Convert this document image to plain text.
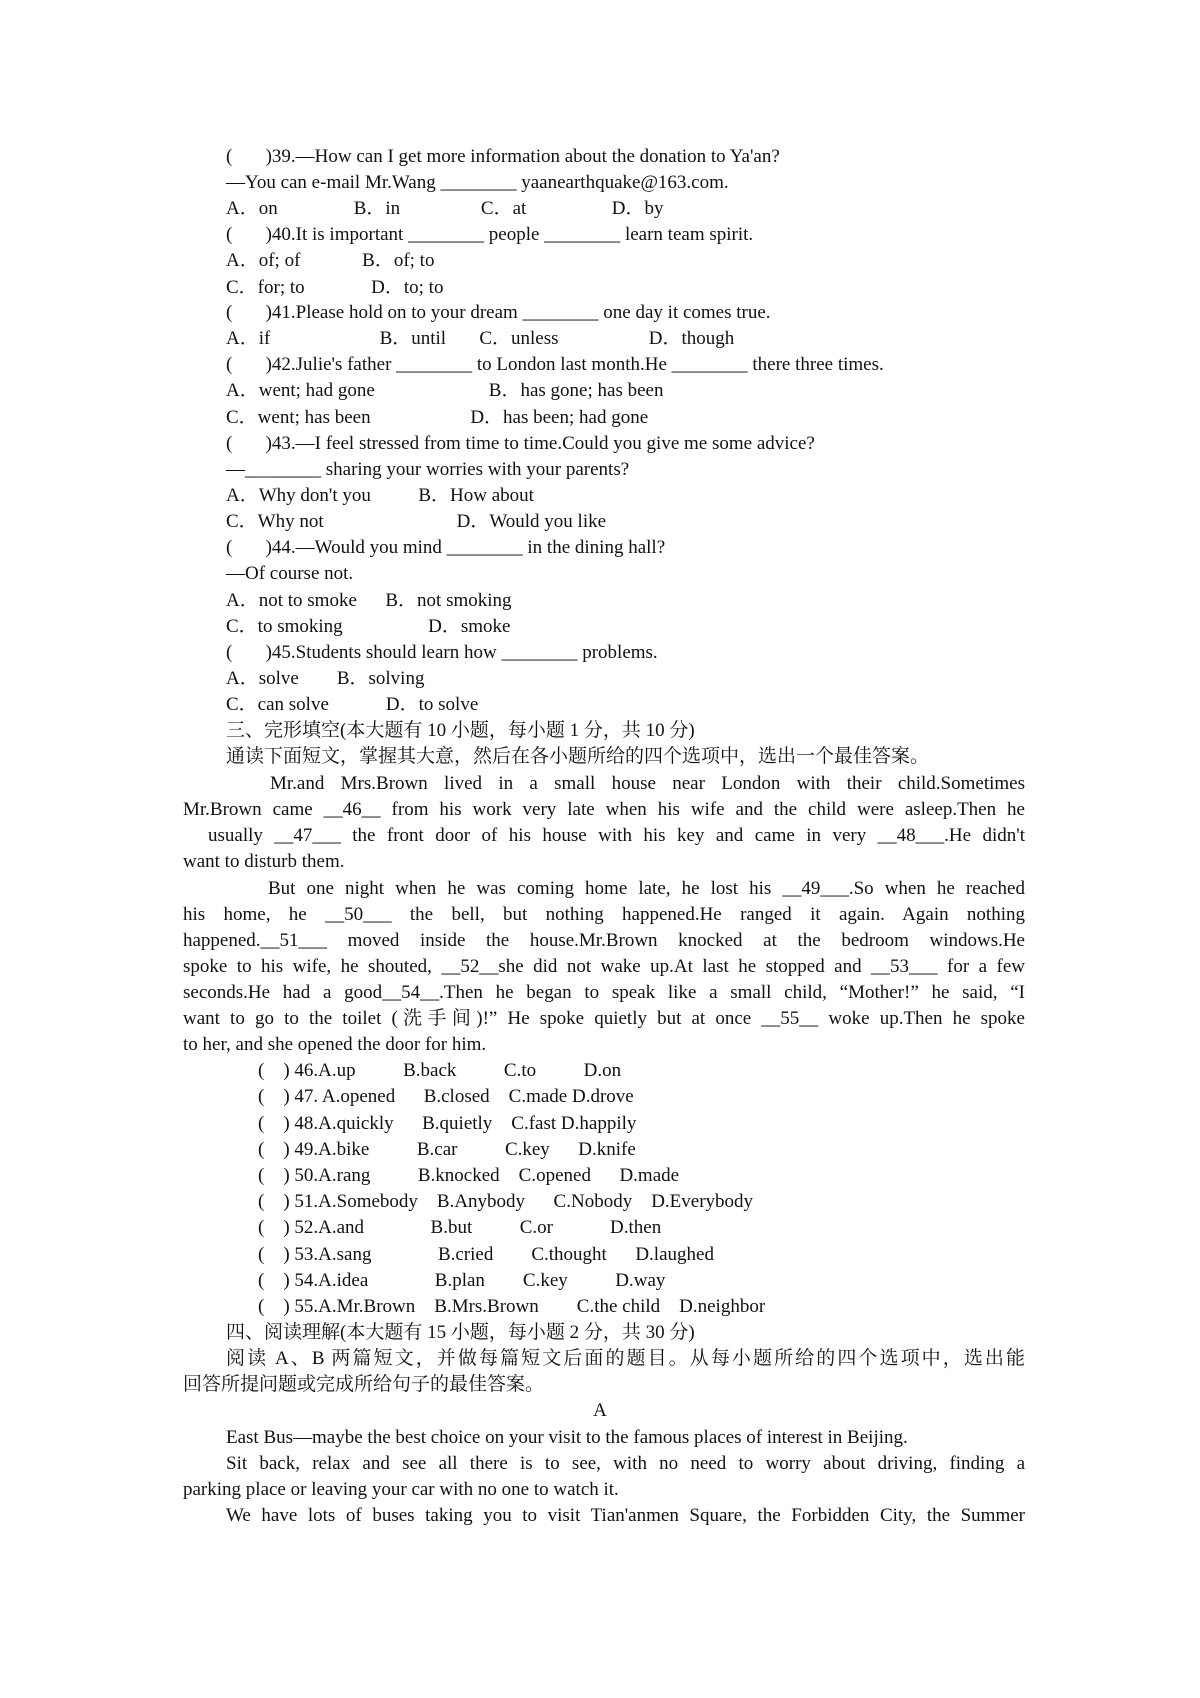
(       )39.—How can I get more information about the donation to Ya'an?
—You can e-mail Mr.Wang ________ yaanearthquake@163.com.
A．on                B．in                 C．at                  D．by
(       )40.It is important ________ people ________ learn team spirit.
A．of; of             B．of; to
C．for; to              D．to; to
(       )41.Please hold on to your dream ________ one day it comes true.
A．if                       B．until       C．unless                   D．though
(       )42.Julie's father ________ to London last month.He ________ there three times.
A．went; had gone                        B．has gone; has been
C．went; has been                     D．has been; had gone
(       )43.—I feel stressed from time to time.Could you give me some advice?
—________ sharing your worries with your parents?
A．Why don't you          B．How about
C．Why not                            D．Would you like
(       )44.—Would you mind ________ in the dining hall?
—Of course not.
A．not to smoke      B．not smoking
C．to smoking                  D．smoke
(       )45.Students should learn how ________ problems.
A．solve        B．solving
C．can solve            D．to solve
三、完形填空(本大题有 10 小题，每小题 1 分，共 10 分)
通读下面短文，掌握其大意，然后在各小题所给的四个选项中，选出一个最佳答案。
Mr.and Mrs.Brown lived in a small house near London with their child.Sometimes
Mr.Brown came __46__ from his work very late when his wife and the child were asleep.Then he
usually __47___ the front door of his house with his key and came in very __48___.He didn't
want to disturb them.
But one night when he was coming home late, he lost his __49___.So when he reached
his home, he __50___ the bell, but nothing happened.He ranged it again. Again nothing
happened.__51___ moved inside the house.Mr.Brown knocked at the bedroom windows.He
spoke to his wife, he shouted, __52__she did not wake up.At last he stopped and __53___ for a few
seconds.He had a good__54__.Then he began to speak like a small child, “Mother!” he said, “I
want to go to the toilet (洗手间)!” He spoke quietly but at once __55__ woke up.Then he spoke
to her, and she opened the door for him.
(    ) 46.A.up          B.back          C.to          D.on
(    ) 47. A.opened      B.closed    C.made D.drove
(    ) 48.A.quickly      B.quietly    C.fast D.happily
(    ) 49.A.bike          B.car          C.key      D.knife
(    ) 50.A.rang          B.knocked    C.opened      D.made
(    ) 51.A.Somebody    B.Anybody      C.Nobody    D.Everybody
(    ) 52.A.and              B.but          C.or            D.then
(    ) 53.A.sang              B.cried        C.thought      D.laughed
(    ) 54.A.idea              B.plan        C.key          D.way
(    ) 55.A.Mr.Brown    B.Mrs.Brown        C.the child    D.neighbor
四、阅读理解(本大题有 15 小题，每小题 2 分，共 30 分)
阅读 A、B 两篇短文，并做每篇短文后面的题目。从每小题所给的四个选项中，选出能
回答所提问题或完成所给句子的最佳答案。
A
East Bus—maybe the best choice on your visit to the famous places of interest in Beijing.
Sit back, relax and see all there is to see, with no need to worry about driving, finding a
parking place or leaving your car with no one to watch it.
We have lots of buses taking you to visit Tian'anmen Square, the Forbidden City, the Summer
